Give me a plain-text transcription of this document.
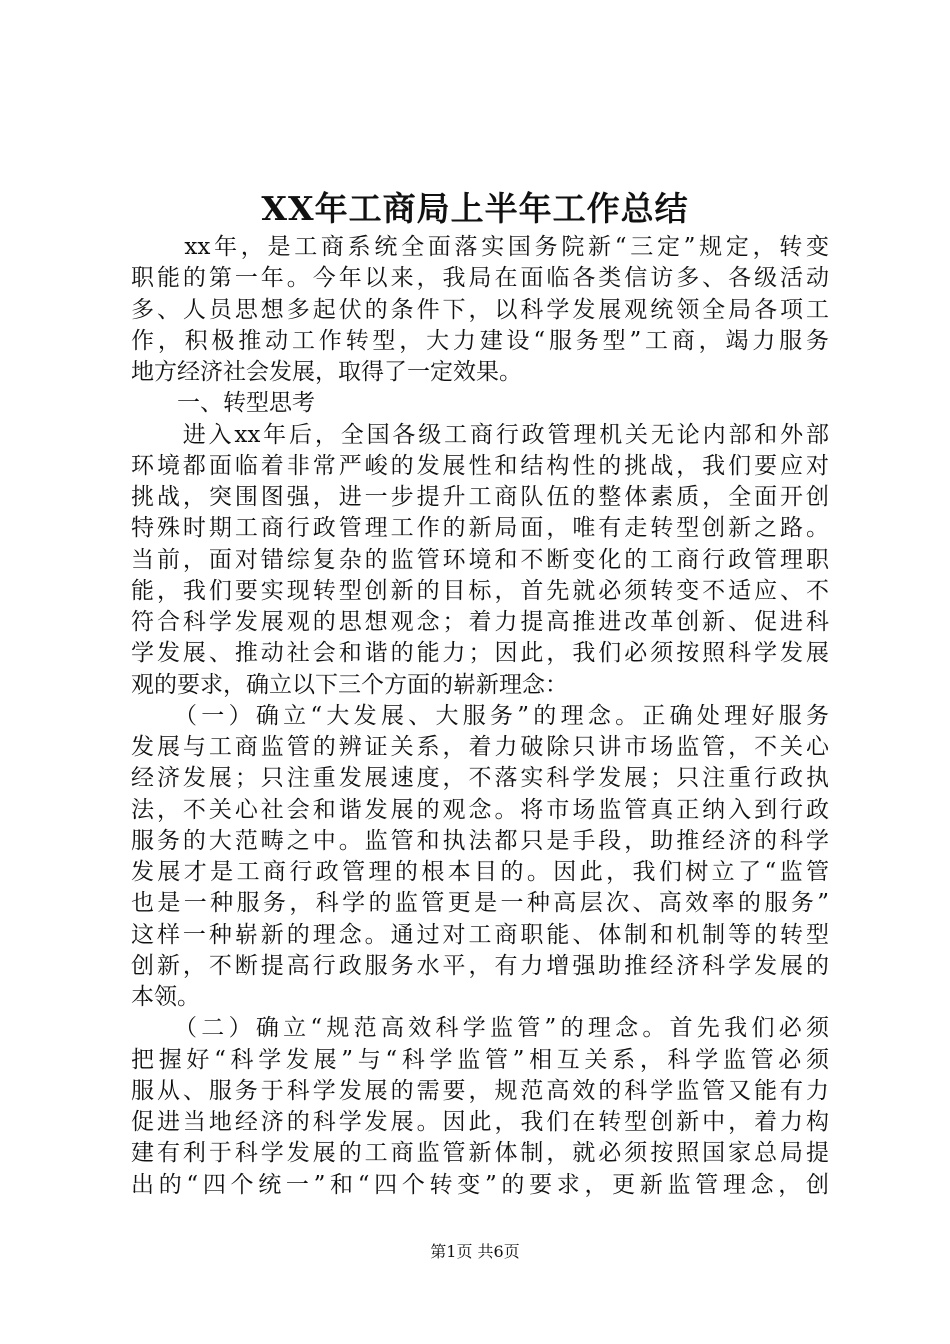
XX年工商局上半年工作总结
　　xx年，是工商系统全面落实国务院新“三定”规定，转变
职能的第一年。今年以来，我局在面临各类信访多、各级活动
多、人员思想多起伏的条件下，以科学发展观统领全局各项工
作，积极推动工作转型，大力建设“服务型”工商，竭力服务
地方经济社会发展，取得了一定效果。
　　一、转型思考
　　进入xx年后，全国各级工商行政管理机关无论内部和外部
环境都面临着非常严峻的发展性和结构性的挑战，我们要应对
挑战，突围图强，进一步提升工商队伍的整体素质，全面开创
特殊时期工商行政管理工作的新局面，唯有走转型创新之路。
当前，面对错综复杂的监管环境和不断变化的工商行政管理职
能，我们要实现转型创新的目标，首先就必须转变不适应、不
符合科学发展观的思想观念；着力提高推进改革创新、促进科
学发展、推动社会和谐的能力；因此，我们必须按照科学发展
观的要求，确立以下三个方面的崭新理念：
　　（一）确立“大发展、大服务”的理念。正确处理好服务
发展与工商监管的辨证关系，着力破除只讲市场监管，不关心
经济发展；只注重发展速度，不落实科学发展；只注重行政执
法，不关心社会和谐发展的观念。将市场监管真正纳入到行政
服务的大范畴之中。监管和执法都只是手段，助推经济的科学
发展才是工商行政管理的根本目的。因此，我们树立了“监管
也是一种服务，科学的监管更是一种高层次、高效率的服务”
这样一种崭新的理念。通过对工商职能、体制和机制等的转型
创新，不断提高行政服务水平，有力增强助推经济科学发展的
本领。
　　（二）确立“规范高效科学监管”的理念。首先我们必须
把握好“科学发展”与“科学监管”相互关系，科学监管必须
服从、服务于科学发展的需要，规范高效的科学监管又能有力
促进当地经济的科学发展。因此，我们在转型创新中，着力构
建有利于科学发展的工商监管新体制，就必须按照国家总局提
出的“四个统一”和“四个转变”的要求，更新监管理念，创
第1页 共6页
